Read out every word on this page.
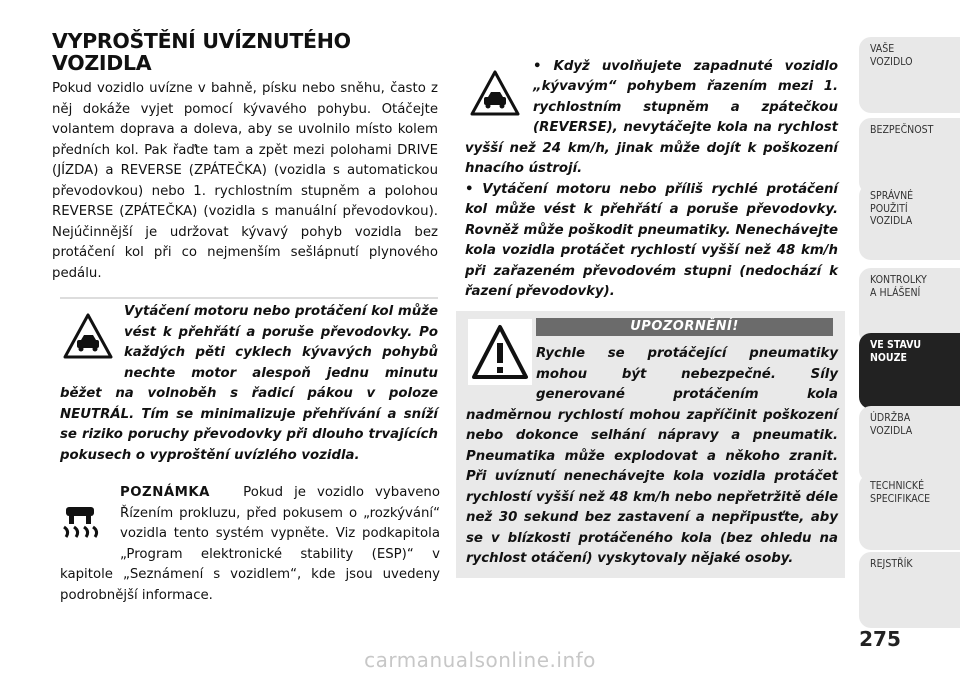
VYPROŠTĚNÍ UVÍZNUTÉHO VOZIDLA

Pokud vozidlo uvízne v bahně, písku nebo sněhu, často z něj dokáže vyjet pomocí kývavého pohybu. Otáčejte volantem doprava a doleva, aby se uvolnilo místo kolem předních kol. Pak řaďte tam a zpět mezi polohami DRIVE (JÍZDA) a REVERSE (ZPÁTEČKA) (vozidla s automatickou převodovkou) nebo 1. rychlostním stupněm a polohou REVERSE (ZPÁTEČKA) (vozidla s manuální převodovkou). Nejúčinnější je udržovat kývavý pohyb vozidla bez protáčení kol při co nejmenším sešlápnutí plynového pedálu.

Vytáčení motoru nebo protáčení kol může vést k přehřátí a poruše převodovky. Po každých pěti cyklech kývavých pohybů nechte motor alespoň jednu minutu běžet na volnoběh s řadicí pákou v poloze NEUTRÁL. Tím se minimalizuje přehřívání a sníží se riziko poruchy převodovky při dlouho trvajících pokusech o vyproštění uvízlého vozidla.
POZNÁMKA Pokud je vozidlo vybaveno Řízením prokluzu, před pokusem o „rozkývání“ vozidla tento systém vypněte. Viz podkapitola „Program elektronické stability (ESP)“ v kapitole „Seznámení s vozidlem“, kde jsou uvedeny podrobnější informace.

• Když uvolňujete zapadnuté vozidlo „kývavým“ pohybem řazením mezi 1. rychlostním stupněm a zpátečkou (REVERSE), nevytáčejte kola na rychlost vyšší než 24 km/h, jinak může dojít k poškození hnacího ústrojí.
• Vytáčení motoru nebo příliš rychlé protáčení kol může vést k přehřátí a poruše převodovky. Rovněž může poškodit pneumatiky. Nenechávejte kola vozidla protáčet rychlostí vyšší než 48 km/h při zařazeném převodovém stupni (nedochází k řazení převodovky).

UPOZORNĚNÍ!

Rychle se protáčející pneumatiky mohou být nebezpečné. Síly generované protáčením kola nadměrnou rychlostí mohou zapříčinit poškození nebo dokonce selhání nápravy a pneumatik. Pneumatika může explodovat a někoho zranit. Při uvíznutí nenechávejte kola vozidla protáčet rychlostí vyšší než 48 km/h nebo nepřetržitě déle než 30 sekund bez zastavení a nepřipusťte, aby se v blízkosti protáčeného kola (bez ohledu na rychlost otáčení) vyskytovaly nějaké osoby.

VAŠE
VOZIDLO
BEZPEČNOST
SPRÁVNÉ
POUŽITÍ
VOZIDLA
KONTROLKY
A HLÁŠENÍ
VE STAVU
NOUZE
ÚDRŽBA
VOZIDLA
TECHNICKÉ
SPECIFIKACE
REJSTŘÍK
275
carmanualsonline.info
